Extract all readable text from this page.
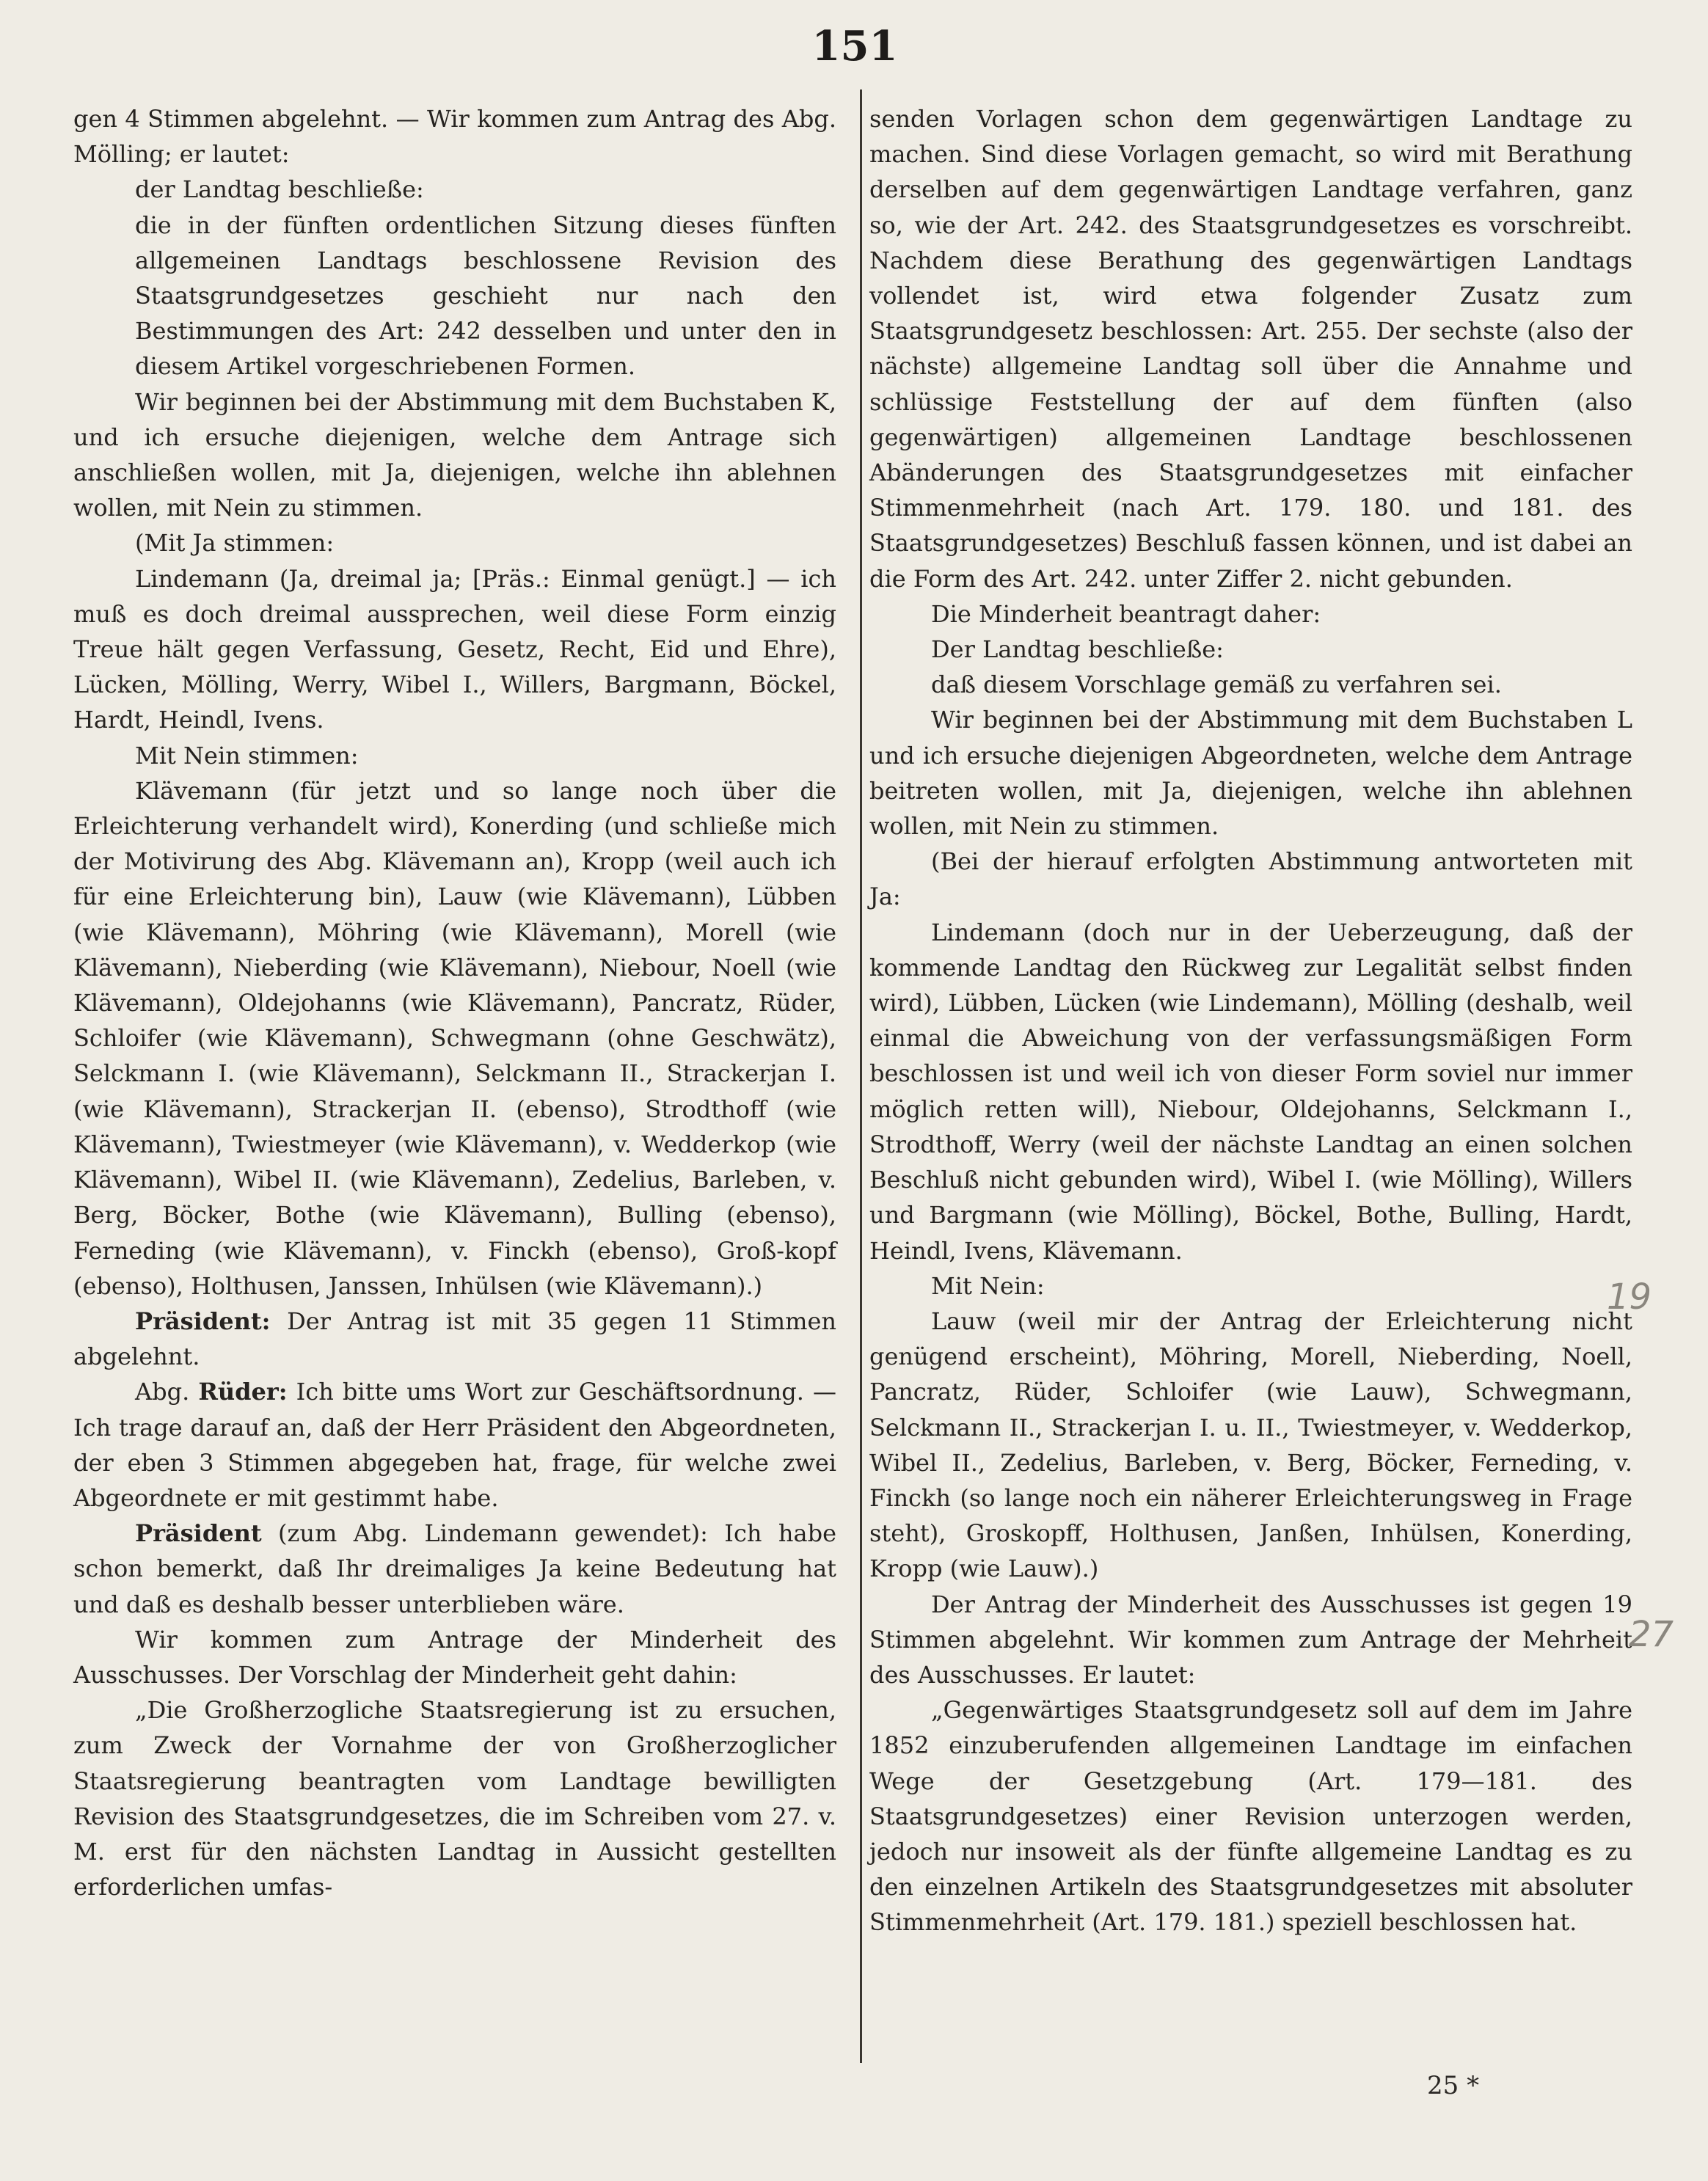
151

gen 4 Stimmen abgelehnt. — Wir kommen zum Antrag des Abg. Mölling; er lautet:

der Landtag beschließe:

die in der fünften ordentlichen Sitzung dieses fünften allgemeinen Landtags beschlossene Revision des Staatsgrundgesetzes geschieht nur nach den Bestimmungen des Art: 242 desselben und unter den in diesem Artikel vorgeschriebenen Formen.

Wir beginnen bei der Abstimmung mit dem Buchstaben K, und ich ersuche diejenigen, welche dem Antrage sich anschließen wollen, mit Ja, diejenigen, welche ihn ablehnen wollen, mit Nein zu stimmen.

(Mit Ja stimmen:

Lindemann (Ja, dreimal ja; [Präs.: Einmal genügt.] — ich muß es doch dreimal aussprechen, weil diese Form einzig Treue hält gegen Verfassung, Gesetz, Recht, Eid und Ehre), Lücken, Mölling, Werry, Wibel I., Willers, Bargmann, Böckel, Hardt, Heindl, Ivens.

Mit Nein stimmen:

Klävemann (für jetzt und so lange noch über die Erleichterung verhandelt wird), Konerding (und schließe mich der Motivirung des Abg. Klävemann an), Kropp (weil auch ich für eine Erleichterung bin), Lauw (wie Klävemann), Lübben (wie Klävemann), Möhring (wie Klävemann), Morell (wie Klävemann), Nieberding (wie Klävemann), Niebour, Noell (wie Klävemann), Oldejohanns (wie Klävemann), Pancratz, Rüder, Schloifer (wie Klävemann), Schwegmann (ohne Geschwätz), Selckmann I. (wie Klävemann), Selckmann II., Strackerjan I. (wie Klävemann), Strackerjan II. (ebenso), Strodthoff (wie Klävemann), Twiestmeyer (wie Klävemann), v. Wedderkop (wie Klävemann), Wibel II. (wie Klävemann), Zedelius, Barleben, v. Berg, Böcker, Bothe (wie Klävemann), Bulling (ebenso), Ferneding (wie Klävemann), v. Finckh (ebenso), Groß-kopf (ebenso), Holthusen, Janssen, Inhülsen (wie Klävemann).)

Präsident: Der Antrag ist mit 35 gegen 11 Stimmen abgelehnt.

Abg. Rüder: Ich bitte ums Wort zur Geschäftsordnung. — Ich trage darauf an, daß der Herr Präsident den Abgeordneten, der eben 3 Stimmen abgegeben hat, frage, für welche zwei Abgeordnete er mit gestimmt habe.

Präsident (zum Abg. Lindemann gewendet): Ich habe schon bemerkt, daß Ihr dreimaliges Ja keine Bedeutung hat und daß es deshalb besser unterblieben wäre.

Wir kommen zum Antrage der Minderheit des Ausschusses. Der Vorschlag der Minderheit geht dahin:

„Die Großherzogliche Staatsregierung ist zu ersuchen, zum Zweck der Vornahme der von Großherzoglicher Staatsregierung beantragten vom Landtage bewilligten Revision des Staatsgrundgesetzes, die im Schreiben vom 27. v. M. erst für den nächsten Landtag in Aussicht gestellten erforderlichen umfas-

senden Vorlagen schon dem gegenwärtigen Landtage zu machen. Sind diese Vorlagen gemacht, so wird mit Berathung derselben auf dem gegenwärtigen Landtage verfahren, ganz so, wie der Art. 242. des Staatsgrundgesetzes es vorschreibt. Nachdem diese Berathung des gegenwärtigen Landtags vollendet ist, wird etwa folgender Zusatz zum Staatsgrundgesetz beschlossen: Art. 255. Der sechste (also der nächste) allgemeine Landtag soll über die Annahme und schlüssige Feststellung der auf dem fünften (also gegenwärtigen) allgemeinen Landtage beschlossenen Abänderungen des Staatsgrundgesetzes mit einfacher Stimmenmehrheit (nach Art. 179. 180. und 181. des Staatsgrundgesetzes) Beschluß fassen können, und ist dabei an die Form des Art. 242. unter Ziffer 2. nicht gebunden.

Die Minderheit beantragt daher:

Der Landtag beschließe:

daß diesem Vorschlage gemäß zu verfahren sei.

Wir beginnen bei der Abstimmung mit dem Buchstaben L und ich ersuche diejenigen Abgeordneten, welche dem Antrage beitreten wollen, mit Ja, diejenigen, welche ihn ablehnen wollen, mit Nein zu stimmen.

(Bei der hierauf erfolgten Abstimmung antworteten mit Ja:

Lindemann (doch nur in der Ueberzeugung, daß der kommende Landtag den Rückweg zur Legalität selbst finden wird), Lübben, Lücken (wie Lindemann), Mölling (deshalb, weil einmal die Abweichung von der verfassungsmäßigen Form beschlossen ist und weil ich von dieser Form soviel nur immer möglich retten will), Niebour, Oldejohanns, Selckmann I., Strodthoff, Werry (weil der nächste Landtag an einen solchen Beschluß nicht gebunden wird), Wibel I. (wie Mölling), Willers und Bargmann (wie Mölling), Böckel, Bothe, Bulling, Hardt, Heindl, Ivens, Klävemann.

Mit Nein:

Lauw (weil mir der Antrag der Erleichterung nicht genügend erscheint), Möhring, Morell, Nieberding, Noell, Pancratz, Rüder, Schloifer (wie Lauw), Schwegmann, Selckmann II., Strackerjan I. u. II., Twiestmeyer, v. Wedderkop, Wibel II., Zedelius, Barleben, v. Berg, Böcker, Ferneding, v. Finckh (so lange noch ein näherer Erleichterungsweg in Frage steht), Groskopff, Holthusen, Janßen, Inhülsen, Konerding, Kropp (wie Lauw).)

Der Antrag der Minderheit des Ausschusses ist gegen 19 Stimmen abgelehnt. Wir kommen zum Antrage der Mehrheit des Ausschusses. Er lautet:

„Gegenwärtiges Staatsgrundgesetz soll auf dem im Jahre 1852 einzuberufenden allgemeinen Landtage im einfachen Wege der Gesetzgebung (Art. 179—181. des Staatsgrundgesetzes) einer Revision unterzogen werden, jedoch nur insoweit als der fünfte allgemeine Landtag es zu den einzelnen Artikeln des Staatsgrundgesetzes mit absoluter Stimmenmehrheit (Art. 179. 181.) speziell beschlossen hat.

19
27
25 *
